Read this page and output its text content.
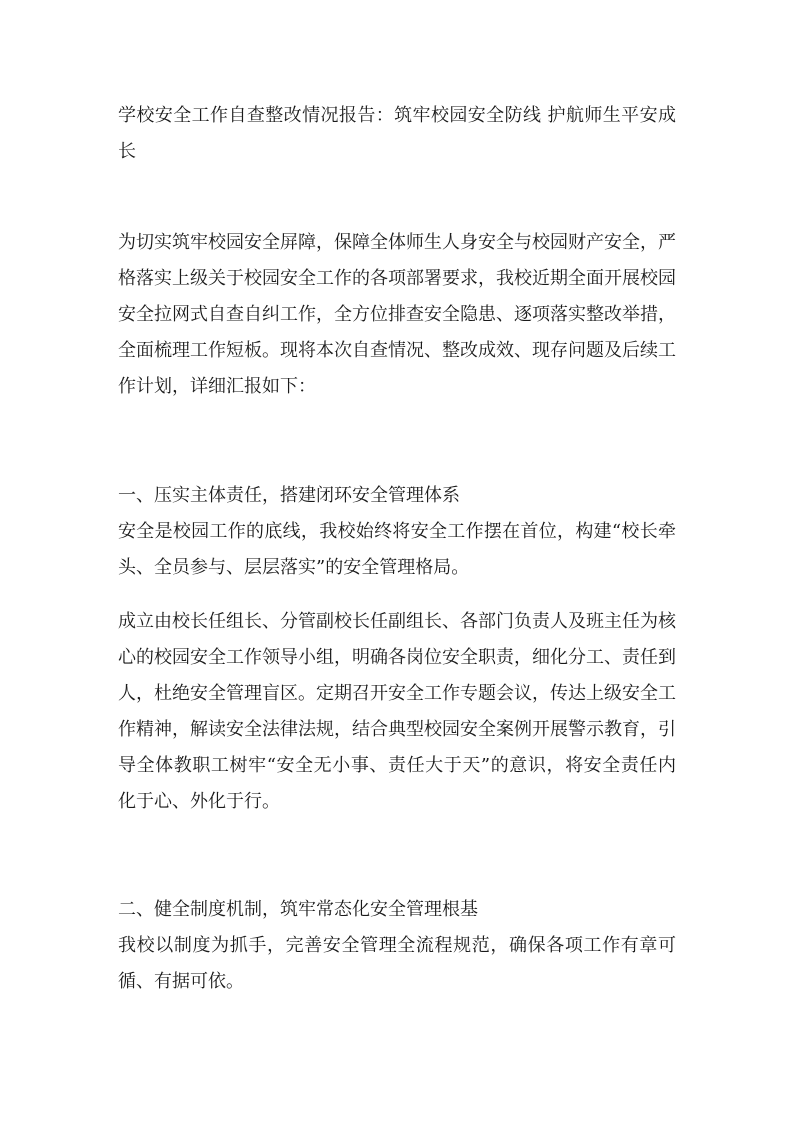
学校安全工作自查整改情况报告：筑牢校园安全防线 护航师生平安成长

为切实筑牢校园安全屏障，保障全体师生人身安全与校园财产安全，严格落实上级关于校园安全工作的各项部署要求，我校近期全面开展校园安全拉网式自查自纠工作，全方位排查安全隐患、逐项落实整改举措，全面梳理工作短板。现将本次自查情况、整改成效、现存问题及后续工作计划，详细汇报如下：

一、压实主体责任，搭建闭环安全管理体系

安全是校园工作的底线，我校始终将安全工作摆在首位，构建“校长牵头、全员参与、层层落实”的安全管理格局。

成立由校长任组长、分管副校长任副组长、各部门负责人及班主任为核心的校园安全工作领导小组，明确各岗位安全职责，细化分工、责任到人，杜绝安全管理盲区。定期召开安全工作专题会议，传达上级安全工作精神，解读安全法律法规，结合典型校园安全案例开展警示教育，引导全体教职工树牢“安全无小事、责任大于天”的意识，将安全责任内化于心、外化于行。

二、健全制度机制，筑牢常态化安全管理根基

我校以制度为抓手，完善安全管理全流程规范，确保各项工作有章可循、有据可依。
